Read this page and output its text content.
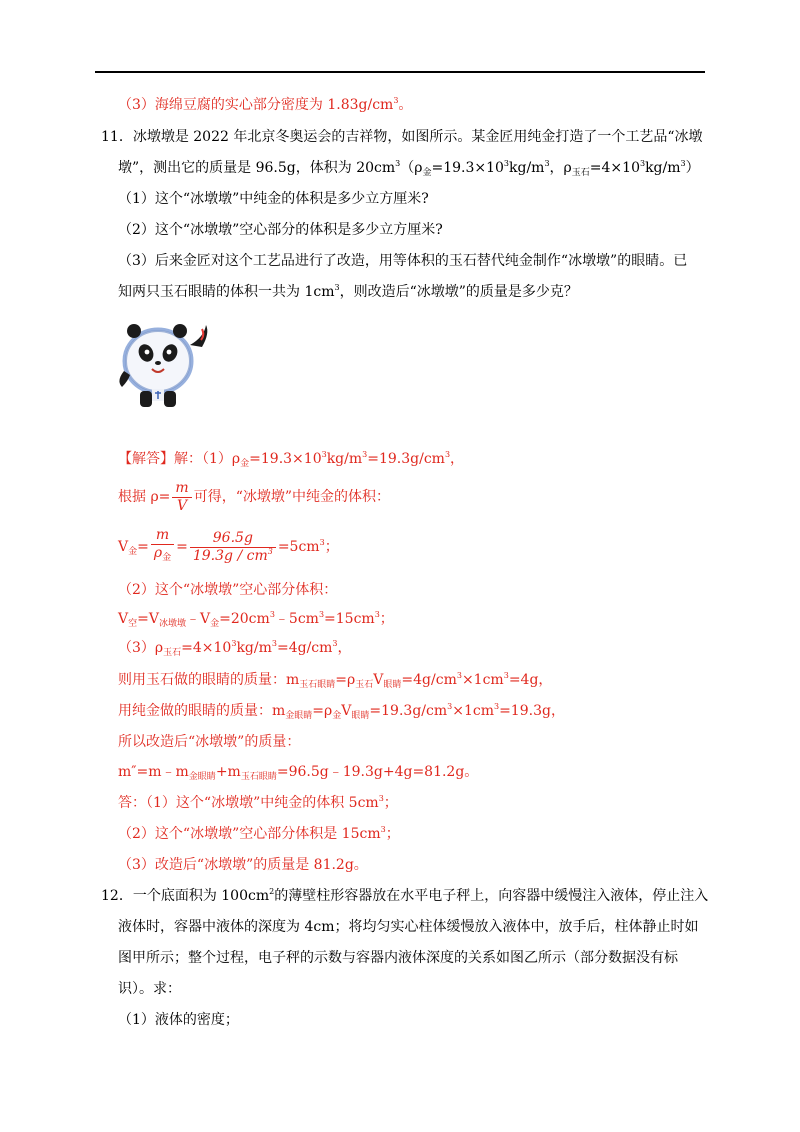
（3）海绵豆腐的实心部分密度为 $1.83g/cm^3$。
11．冰墩墩是 2022 年北京冬奥运会的吉祥物，如图所示。某金匠用纯金打造了一个工艺品“冰墩
墩”，测出它的质量是 96.5g，体积为 $20cm^3(\rho_金=19.3\times 10^3kg/m^3$，$\rho_{玉石}=4\times 10^3kg/m^3$）
（1）这个“冰墩墩”中纯金的体积是多少立方厘米?
（2）这个“冰墩墩”空心部分的体积是多少立方厘米?
（3）后来金匠对这个工艺品进行了改造，用等体积的玉石替代纯金制作“冰墩墩”的眼睛。已
知两只玉石眼睛的体积一共为 $1cm^3$，则改造后“冰墩墩”的质量是多少克？
【解答】解：$(1)\rho_金=19.3\times 10^3kg/m^3=19.3g/cm^3$，
根据 $\rho= \frac{m}{V}$ 可得，“冰墩墩”中纯金的体积：
$V_金= \frac{m}{\rho_金} = \frac{96.5g}{19.3g / cm^3} =5cm^3$；
（2）这个“冰墩墩”空心部分体积：
$V_空=V_{冰墩墩}﹣V_金=20cm^3﹣5cm^3=15cm^3$；
$(3)\rho_{玉石}=4\times 10^3kg/m^3=4g/cm^3$，
则用玉石做的眼睛的质量：$m_{玉石眼睛}=\rho_{玉石}V_{眼睛}=4g/cm^3\times 1cm^3=4g$，
用纯金做的眼睛的质量：$m_{金眼睛}=\rho_金V_{眼睛}=19.3g/cm^3\times 1cm^3=19.3g$，
所以改造后“冰墩墩”的质量：
$m''=m﹣m_{金眼睛}+m_{玉石眼睛}=96.5g﹣19.3g+4g=81.2g$。
答：（1）这个“冰墩墩”中纯金的体积 $5cm^3$；
（2）这个“冰墩墩”空心部分体积是 $15cm^3$；
（3）改造后“冰墩墩”的质量是 81.2g。
12．一个底面积为 $100cm^2$的薄壁柱形容器放在水平电子秤上，向容器中缓慢注入液体，停止注入
液体时，容器中液体的深度为 4cm；将均匀实心柱体缓慢放入液体中，放手后，柱体静止时如
图甲所示；整个过程，电子秤的示数与容器内液体深度的关系如图乙所示（部分数据没有标
识）。求：
（1）液体的密度；
